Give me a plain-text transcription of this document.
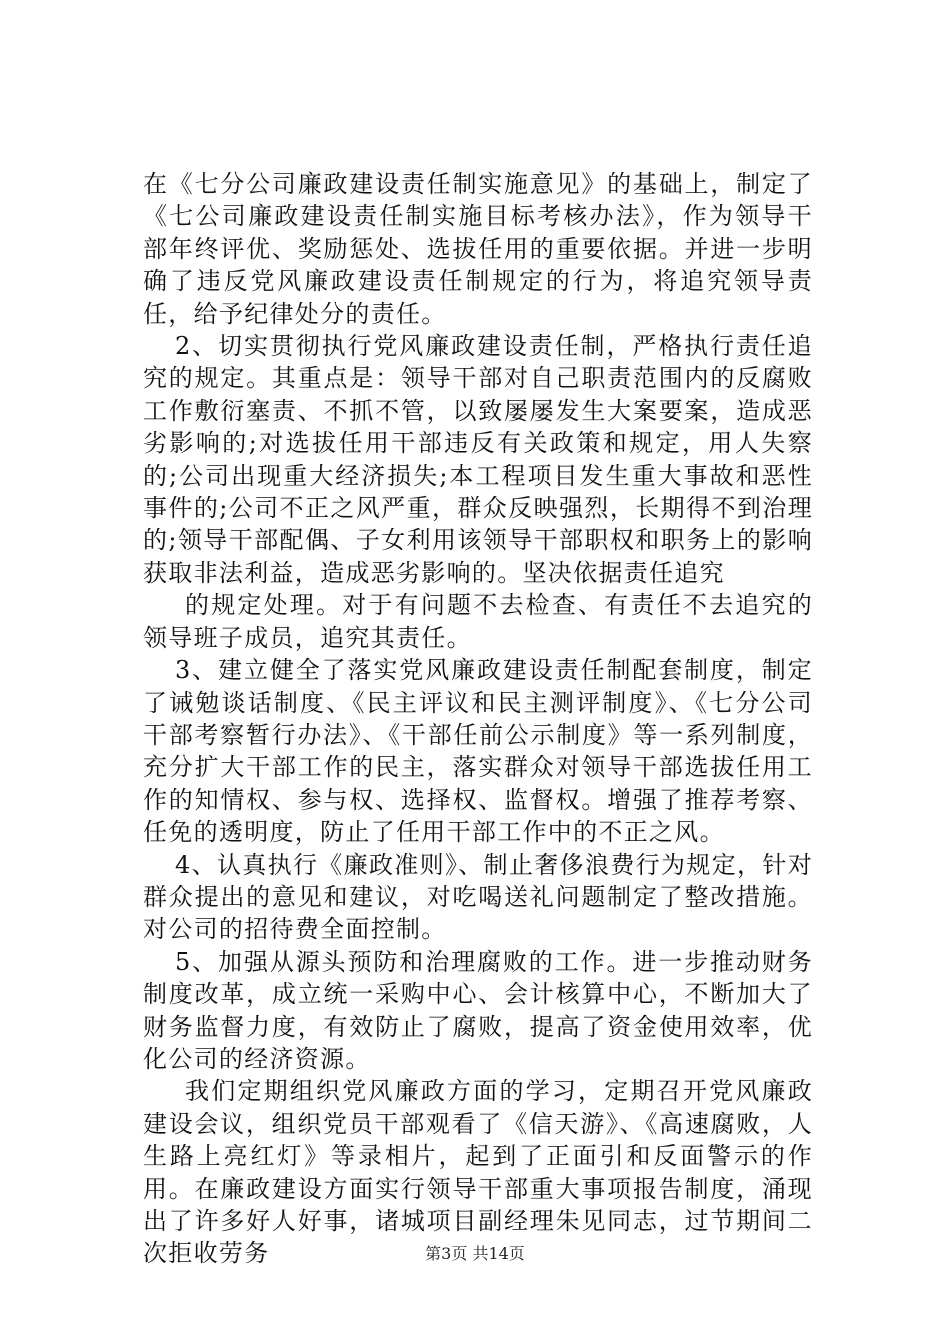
在《七分公司廉政建设责任制实施意见》的基础上，制定了《七公司廉政建设责任制实施目标考核办法》，作为领导干部年终评优、奖励惩处、选拔任用的重要依据。并进一步明确了违反党风廉政建设责任制规定的行为，将追究领导责任，给予纪律处分的责任。

2、切实贯彻执行党风廉政建设责任制，严格执行责任追究的规定。其重点是：领导干部对自己职责范围内的反腐败工作敷衍塞责、不抓不管，以致屡屡发生大案要案，造成恶劣影响的;对选拔任用干部违反有关政策和规定，用人失察的;公司出现重大经济损失;本工程项目发生重大事故和恶性事件的;公司不正之风严重，群众反映强烈，长期得不到治理的;领导干部配偶、子女利用该领导干部职权和职务上的影响获取非法利益，造成恶劣影响的。坚决依据责任追究

的规定处理。对于有问题不去检查、有责任不去追究的领导班子成员，追究其责任。

3、建立健全了落实党风廉政建设责任制配套制度，制定了诫勉谈话制度、《民主评议和民主测评制度》、《七分公司干部考察暂行办法》、《干部任前公示制度》等一系列制度，充分扩大干部工作的民主，落实群众对领导干部选拔任用工作的知情权、参与权、选择权、监督权。增强了推荐考察、任免的透明度，防止了任用干部工作中的不正之风。

4、认真执行《廉政准则》、制止奢侈浪费行为规定，针对群众提出的意见和建议，对吃喝送礼问题制定了整改措施。对公司的招待费全面控制。

5、加强从源头预防和治理腐败的工作。进一步推动财务制度改革，成立统一采购中心、会计核算中心，不断加大了财务监督力度，有效防止了腐败，提高了资金使用效率，优化公司的经济资源。

我们定期组织党风廉政方面的学习，定期召开党风廉政建设会议，组织党员干部观看了《信天游》、《高速腐败，人生路上亮红灯》等录相片，起到了正面引和反面警示的作用。在廉政建设方面实行领导干部重大事项报告制度，涌现出了许多好人好事，诸城项目副经理朱见同志，过节期间二次拒收劳务	第3页 共14页
